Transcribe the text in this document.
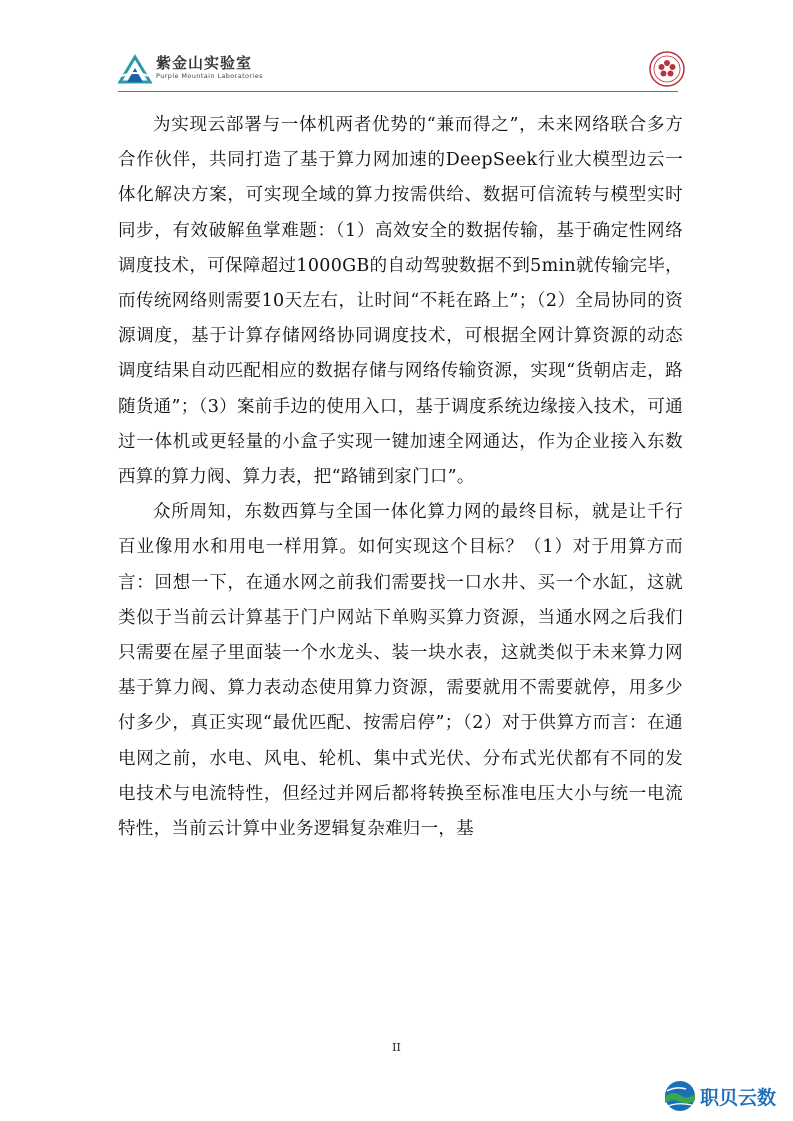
紫金山实验室
Purple Mountain Laboratories

为实现云部署与一体机两者优势的“兼而得之”，未来网络联合多方合作伙伴，共同打造了基于算力网加速的DeepSeek行业大模型边云一体化解决方案，可实现全域的算力按需供给、数据可信流转与模型实时同步，有效破解鱼掌难题：（1）高效安全的数据传输，基于确定性网络调度技术，可保障超过1000GB的自动驾驶数据不到5min就传输完毕，而传统网络则需要10天左右，让时间“不耗在路上”；（2）全局协同的资源调度，基于计算存储网络协同调度技术，可根据全网计算资源的动态调度结果自动匹配相应的数据存储与网络传输资源，实现“货朝店走，路随货通”；（3）案前手边的使用入口，基于调度系统边缘接入技术，可通过一体机或更轻量的小盒子实现一键加速全网通达，作为企业接入东数西算的算力阀、算力表，把“路铺到家门口”。

众所周知，东数西算与全国一体化算力网的最终目标，就是让千行百业像用水和用电一样用算。如何实现这个目标？（1）对于用算方而言：回想一下，在通水网之前我们需要找一口水井、买一个水缸，这就类似于当前云计算基于门户网站下单购买算力资源，当通水网之后我们只需要在屋子里面装一个水龙头、装一块水表，这就类似于未来算力网基于算力阀、算力表动态使用算力资源，需要就用不需要就停，用多少付多少，真正实现“最优匹配、按需启停”；（2）对于供算方而言：在通电网之前，水电、风电、轮机、集中式光伏、分布式光伏都有不同的发电技术与电流特性，但经过并网后都将转换至标准电压大小与统一电流特性，当前云计算中业务逻辑复杂难归一，基

II
职贝云数
